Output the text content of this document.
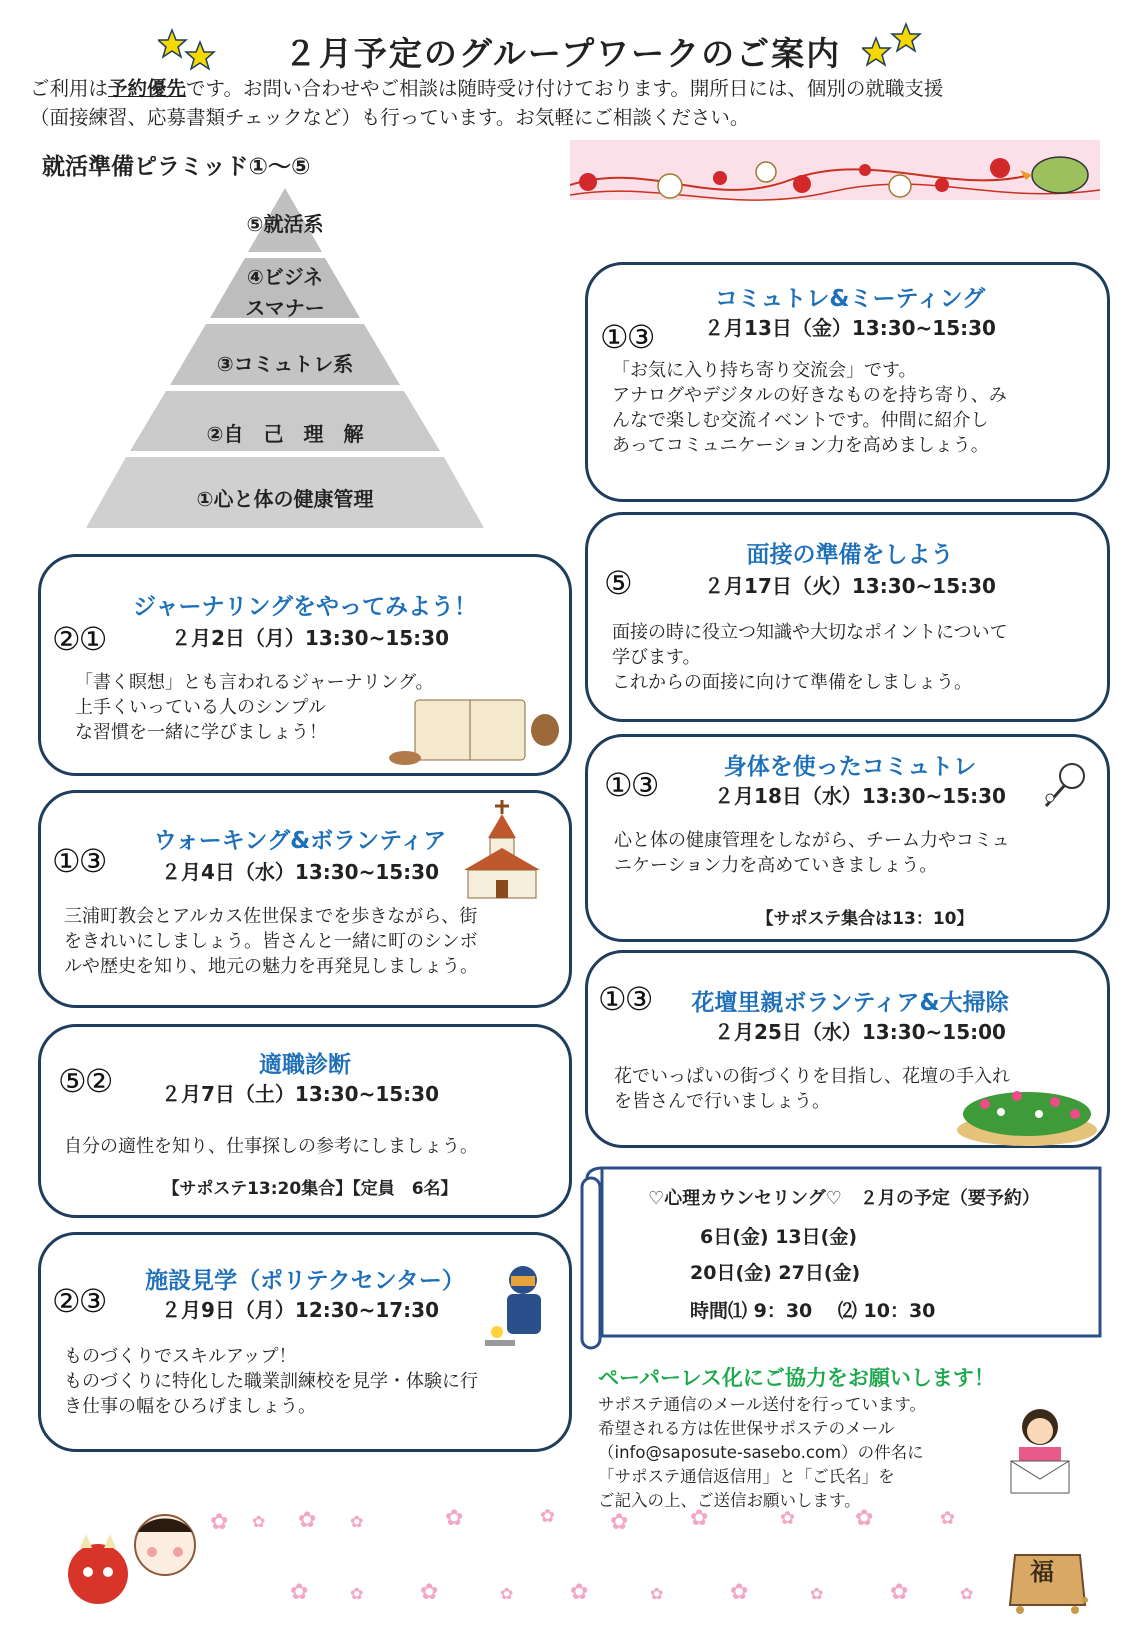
２月予定のグループワークのご案内
ご利用は予約優先です。お問い合わせやご相談は随時受け付けております。開所日には、個別の就職支援
（面接練習、応募書類チェックなど）も行っています。お気軽にご相談ください。
就活準備ピラミッド①～⑤
⑤就活系
④ビジネ
スマナー
③コミュトレ系
②自　己　理　解
①心と体の健康管理
ジャーナリングをやってみよう！
②①	２月2日（月）13:30~15:30
「書く瞑想」とも言われるジャーナリング。
上手くいっている人のシンプル
な習慣を一緒に学びましょう！
ウォーキング&ボランティア
①③	２月4日（水）13:30~15:30
三浦町教会とアルカス佐世保までを歩きながら、街
をきれいにしましょう。皆さんと一緒に町のシンボ
ルや歴史を知り、地元の魅力を再発見しましょう。
適職診断
⑤②	２月7日（土）13:30~15:30
自分の適性を知り、仕事探しの参考にしましょう。
【サポステ13:20集合】【定員　6名】
施設見学（ポリテクセンター）
②③	２月9日（月）12:30~17:30
ものづくりでスキルアップ！
ものづくりに特化した職業訓練校を見学・体験に行
き仕事の幅をひろげましょう。
コミュトレ&ミーティング
①③	２月13日（金）13:30~15:30
「お気に入り持ち寄り交流会」です。
アナログやデジタルの好きなものを持ち寄り、み
んなで楽しむ交流イベントです。仲間に紹介し
あってコミュニケーション力を高めましょう。
面接の準備をしよう
⑤	２月17日（火）13:30~15:30
面接の時に役立つ知識や大切なポイントについて
学びます。
これからの面接に向けて準備をしましょう。
身体を使ったコミュトレ
①③	２月18日（水）13:30~15:30
心と体の健康管理をしながら、チーム力やコミュ
ニケーション力を高めていきましょう。
【サポステ集合は13：10】
①③	花壇里親ボランティア&大掃除
２月25日（水）13:30~15:00
花でいっぱいの街づくりを目指し、花壇の手入れ
を皆さんで行いましょう。
♡心理カウンセリング♡　２月の予定（要予約）
6日(金) 13日(金)
20日(金) 27日(金)
時間⑴ 9：30　 ⑵ 10：30
ペーパーレス化にご協力をお願いします！
サポステ通信のメール送付を行っています。
希望される方は佐世保サポステのメール
（info@saposute-sasebo.com）の件名に
「サポステ通信返信用」と「ご氏名」を
ご記入の上、ご送信お願いします。
福
✿ ✿ ✿ ✿	✿	✿ ✿	✿	✿	✿	✿
✿	✿	✿	✿	✿	✿	✿	✿	✿	✿
